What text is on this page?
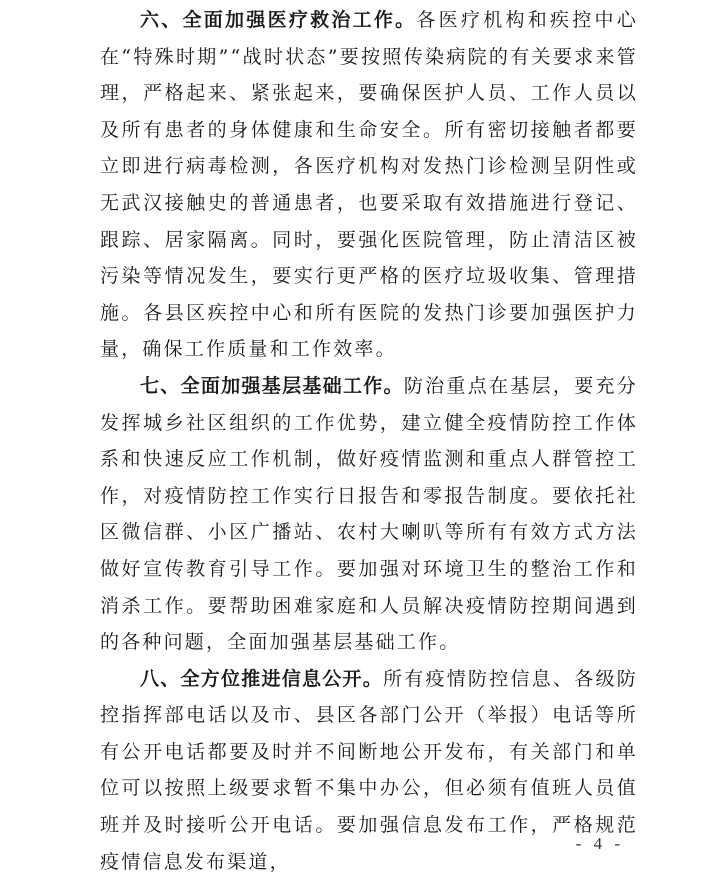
六、全面加强医疗救治工作。各医疗机构和疾控中心在“特殊时期”“战时状态”要按照传染病院的有关要求来管理，严格起来、紧张起来，要确保医护人员、工作人员以及所有患者的身体健康和生命安全。所有密切接触者都要立即进行病毒检测，各医疗机构对发热门诊检测呈阴性或无武汉接触史的普通患者，也要采取有效措施进行登记、跟踪、居家隔离。同时，要强化医院管理，防止清洁区被污染等情况发生，要实行更严格的医疗垃圾收集、管理措施。各县区疾控中心和所有医院的发热门诊要加强医护力量，确保工作质量和工作效率。

七、全面加强基层基础工作。防治重点在基层，要充分发挥城乡社区组织的工作优势，建立健全疫情防控工作体系和快速反应工作机制，做好疫情监测和重点人群管控工作，对疫情防控工作实行日报告和零报告制度。要依托社区微信群、小区广播站、农村大喇叭等所有有效方式方法做好宣传教育引导工作。要加强对环境卫生的整治工作和消杀工作。要帮助困难家庭和人员解决疫情防控期间遇到的各种问题，全面加强基层基础工作。

八、全方位推进信息公开。所有疫情防控信息、各级防控指挥部电话以及市、县区各部门公开（举报）电话等所有公开电话都要及时并不间断地公开发布，有关部门和单位可以按照上级要求暂不集中办公，但必须有值班人员值班并及时接听公开电话。要加强信息发布工作，严格规范疫情信息发布渠道，

- 4 -
